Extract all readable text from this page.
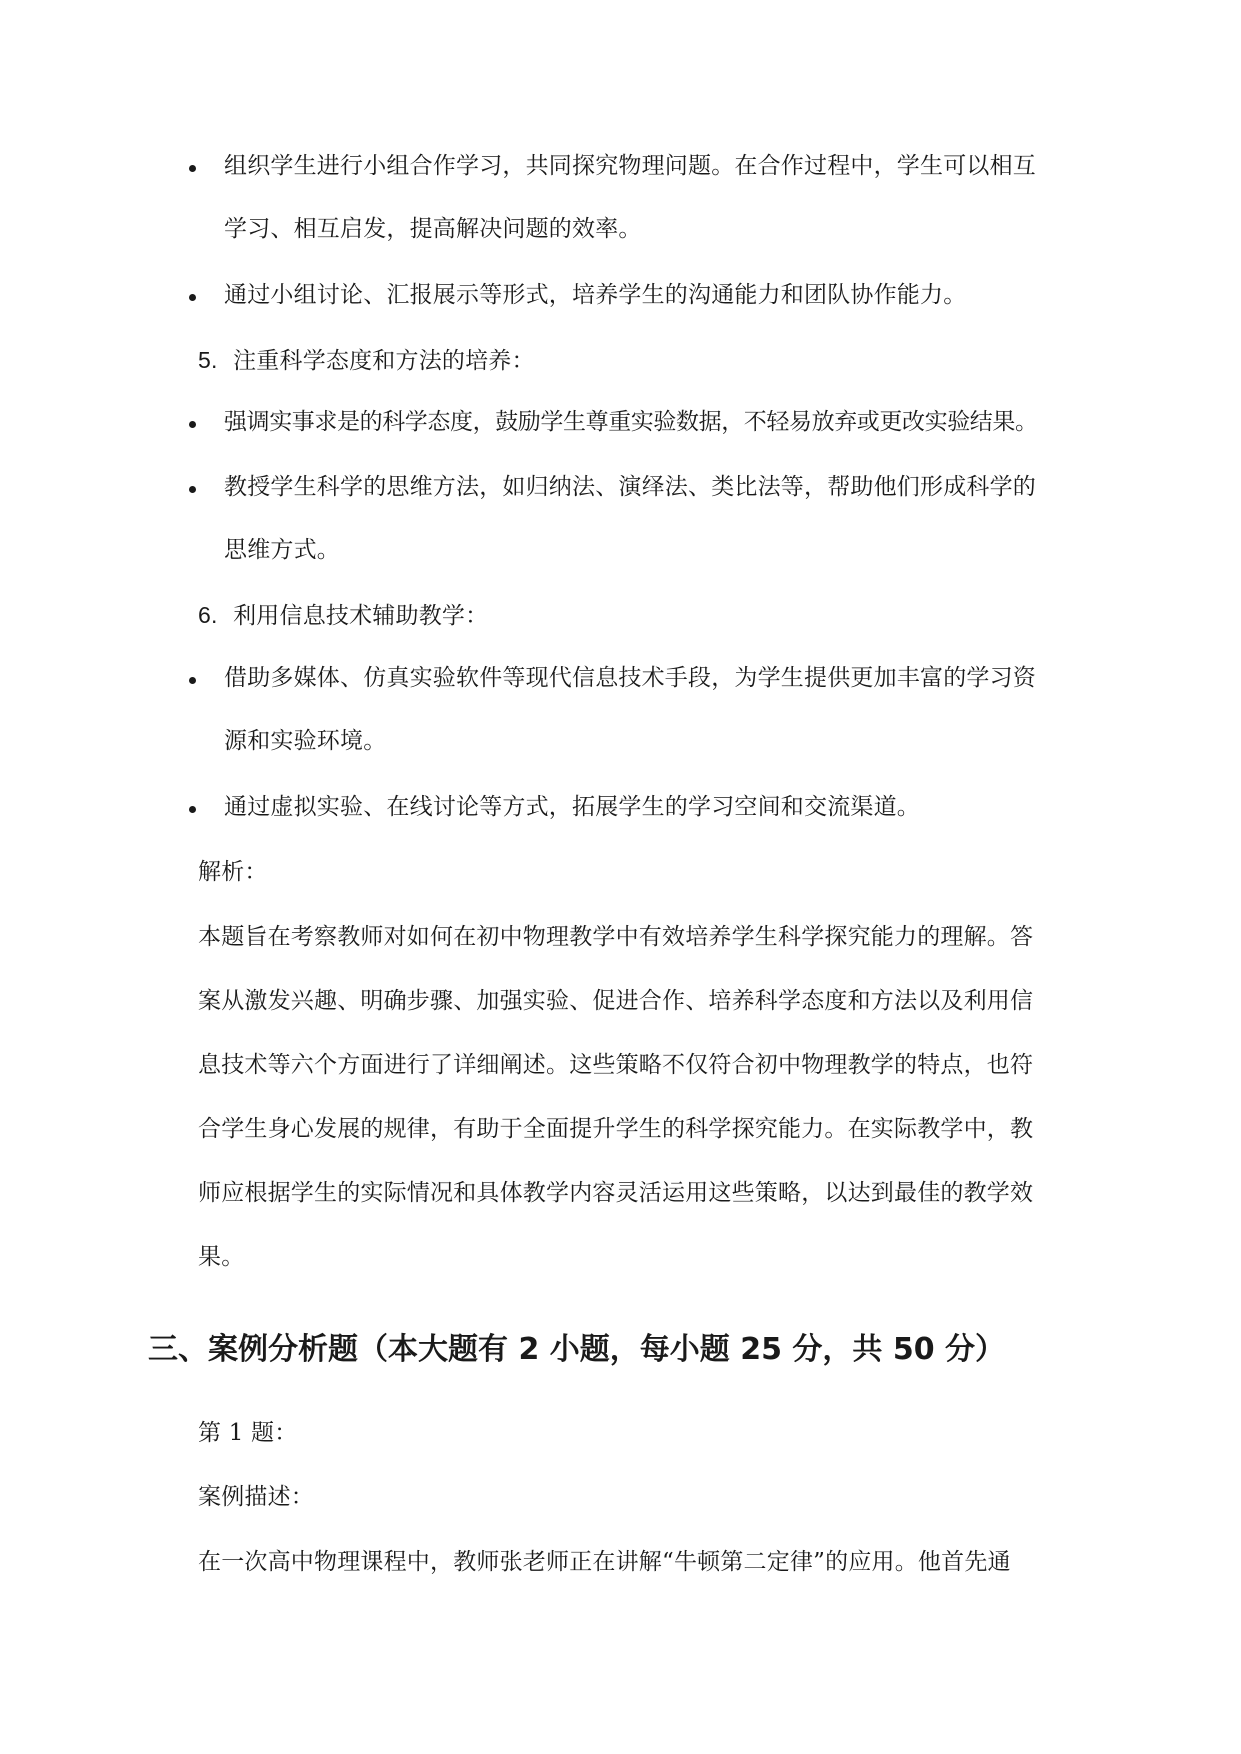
组织学生进行小组合作学习，共同探究物理问题。在合作过程中，学生可以相互
学习、相互启发，提高解决问题的效率。
通过小组讨论、汇报展示等形式，培养学生的沟通能力和团队协作能力。
5. 注重科学态度和方法的培养：
强调实事求是的科学态度，鼓励学生尊重实验数据，不轻易放弃或更改实验结果。
教授学生科学的思维方法，如归纳法、演绎法、类比法等，帮助他们形成科学的
思维方式。
6. 利用信息技术辅助教学：
借助多媒体、仿真实验软件等现代信息技术手段，为学生提供更加丰富的学习资
源和实验环境。
通过虚拟实验、在线讨论等方式，拓展学生的学习空间和交流渠道。
解析：
本题旨在考察教师对如何在初中物理教学中有效培养学生科学探究能力的理解。答
案从激发兴趣、明确步骤、加强实验、促进合作、培养科学态度和方法以及利用信
息技术等六个方面进行了详细阐述。这些策略不仅符合初中物理教学的特点，也符
合学生身心发展的规律，有助于全面提升学生的科学探究能力。在实际教学中，教
师应根据学生的实际情况和具体教学内容灵活运用这些策略，以达到最佳的教学效
果。
三、案例分析题（本大题有 2 小题，每小题 25 分，共 50 分）
第 1 题：
案例描述：
在一次高中物理课程中，教师张老师正在讲解“牛顿第二定律”的应用。他首先通
